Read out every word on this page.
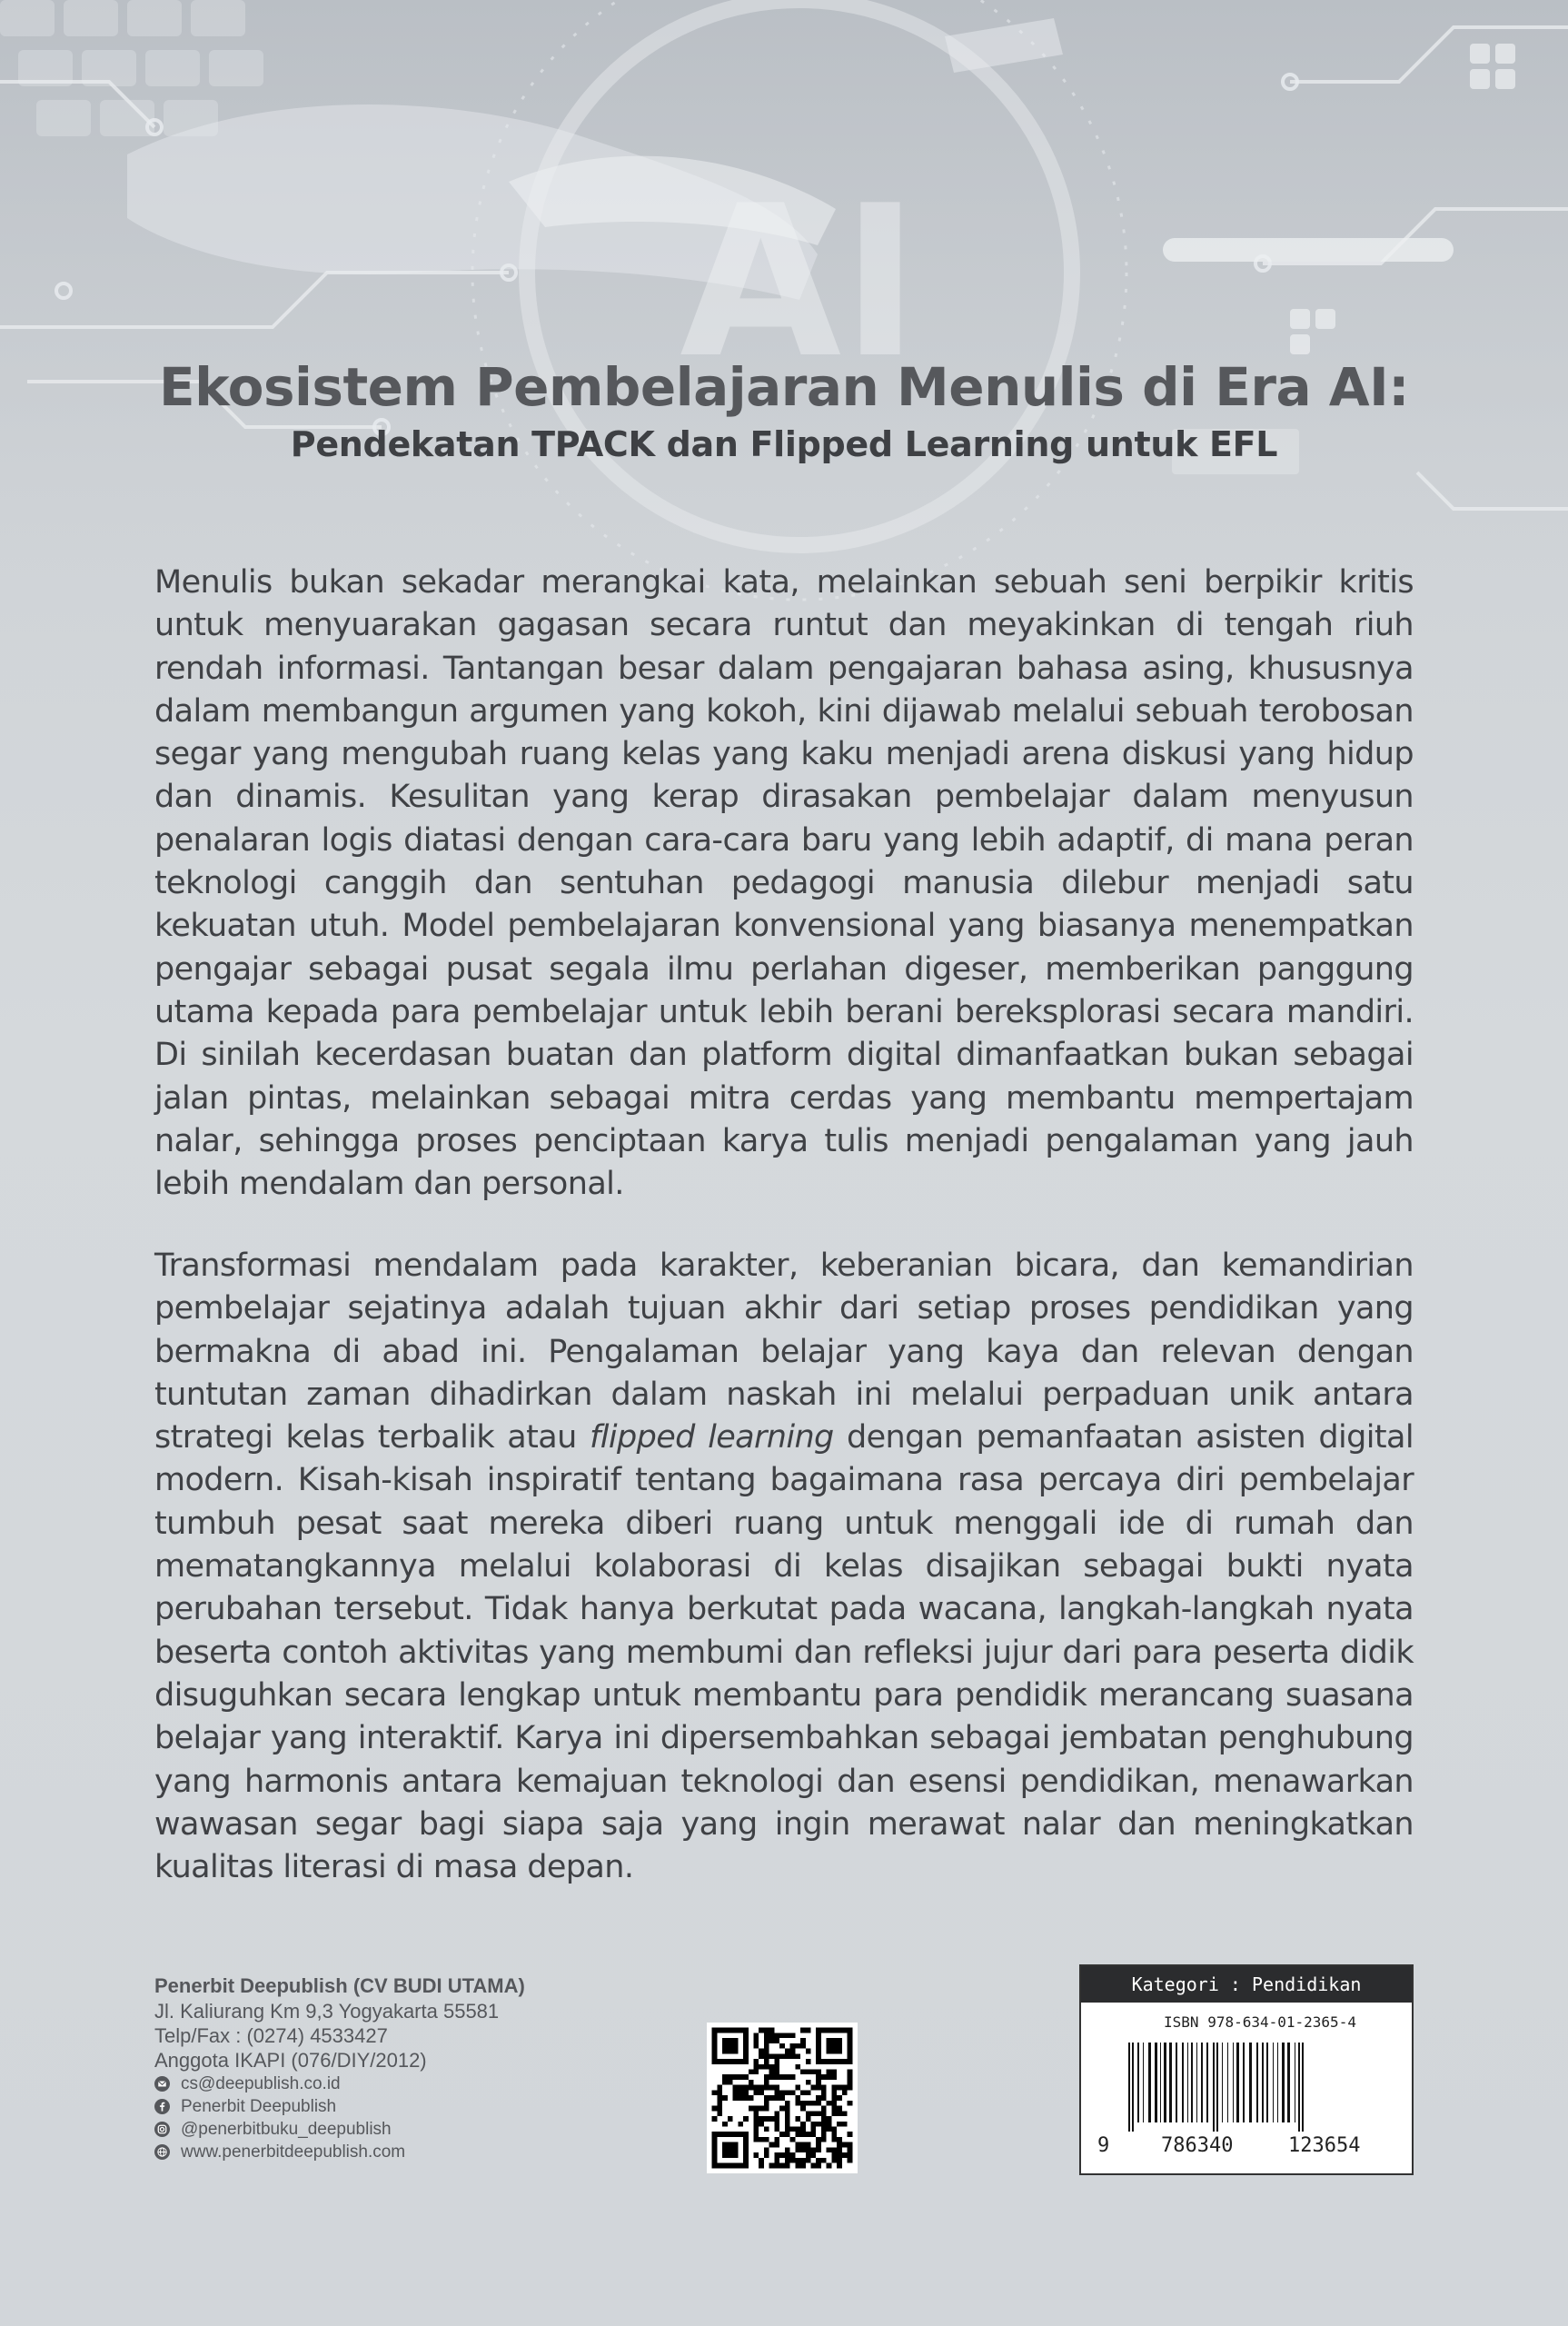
AI
Ekosistem Pembelajaran Menulis di Era AI:
Pendekatan TPACK dan Flipped Learning untuk EFL

Menulis bukan sekadar merangkai kata, melainkan sebuah seni berpikir kritis untuk menyuarakan gagasan secara runtut dan meyakinkan di tengah riuh rendah informasi. Tantangan besar dalam pengajaran bahasa asing, khususnya dalam membangun argumen yang kokoh, kini dijawab melalui sebuah terobosan segar yang mengubah ruang kelas yang kaku menjadi arena diskusi yang hidup dan dinamis. Kesulitan yang kerap dirasakan pembelajar dalam menyusun penalaran logis diatasi dengan cara-cara baru yang lebih adaptif, di mana peran teknologi canggih dan sentuhan pedagogi manusia dilebur menjadi satu kekuatan utuh. Model pembelajaran konvensional yang biasanya menempatkan pengajar sebagai pusat segala ilmu perlahan digeser, memberikan panggung utama kepada para pembelajar untuk lebih berani bereksplorasi secara mandiri. Di sinilah kecerdasan buatan dan platform digital dimanfaatkan bukan sebagai jalan pintas, melainkan sebagai mitra cerdas yang membantu mempertajam nalar, sehingga proses penciptaan karya tulis menjadi pengalaman yang jauh lebih mendalam dan personal.

Transformasi mendalam pada karakter, keberanian bicara, dan kemandirian pembelajar sejatinya adalah tujuan akhir dari setiap proses pendidikan yang bermakna di abad ini. Pengalaman belajar yang kaya dan relevan dengan tuntutan zaman dihadirkan dalam naskah ini melalui perpaduan unik antara strategi kelas terbalik atau flipped learning dengan pemanfaatan asisten digital modern. Kisah-kisah inspiratif tentang bagaimana rasa percaya diri pembelajar tumbuh pesat saat mereka diberi ruang untuk menggali ide di rumah dan mematangkannya melalui kolaborasi di kelas disajikan sebagai bukti nyata perubahan tersebut. Tidak hanya berkutat pada wacana, langkah-langkah nyata beserta contoh aktivitas yang membumi dan refleksi jujur dari para peserta didik disuguhkan secara lengkap untuk membantu para pendidik merancang suasana belajar yang interaktif. Karya ini dipersembahkan sebagai jembatan penghubung yang harmonis antara kemajuan teknologi dan esensi pendidikan, menawarkan wawasan segar bagi siapa saja yang ingin merawat nalar dan meningkatkan kualitas literasi di masa depan.

Penerbit Deepublish (CV BUDI UTAMA)
Jl. Kaliurang Km 9,3 Yogyakarta 55581
Telp/Fax : (0274) 4533427
Anggota IKAPI (076/DIY/2012)
cs@deepublish.co.id
Penerbit Deepublish
@penerbitbuku_deepublish
www.penerbitdeepublish.com
Kategori : Pendidikan
ISBN 978-634-01-2365-4
9	786340	123654
